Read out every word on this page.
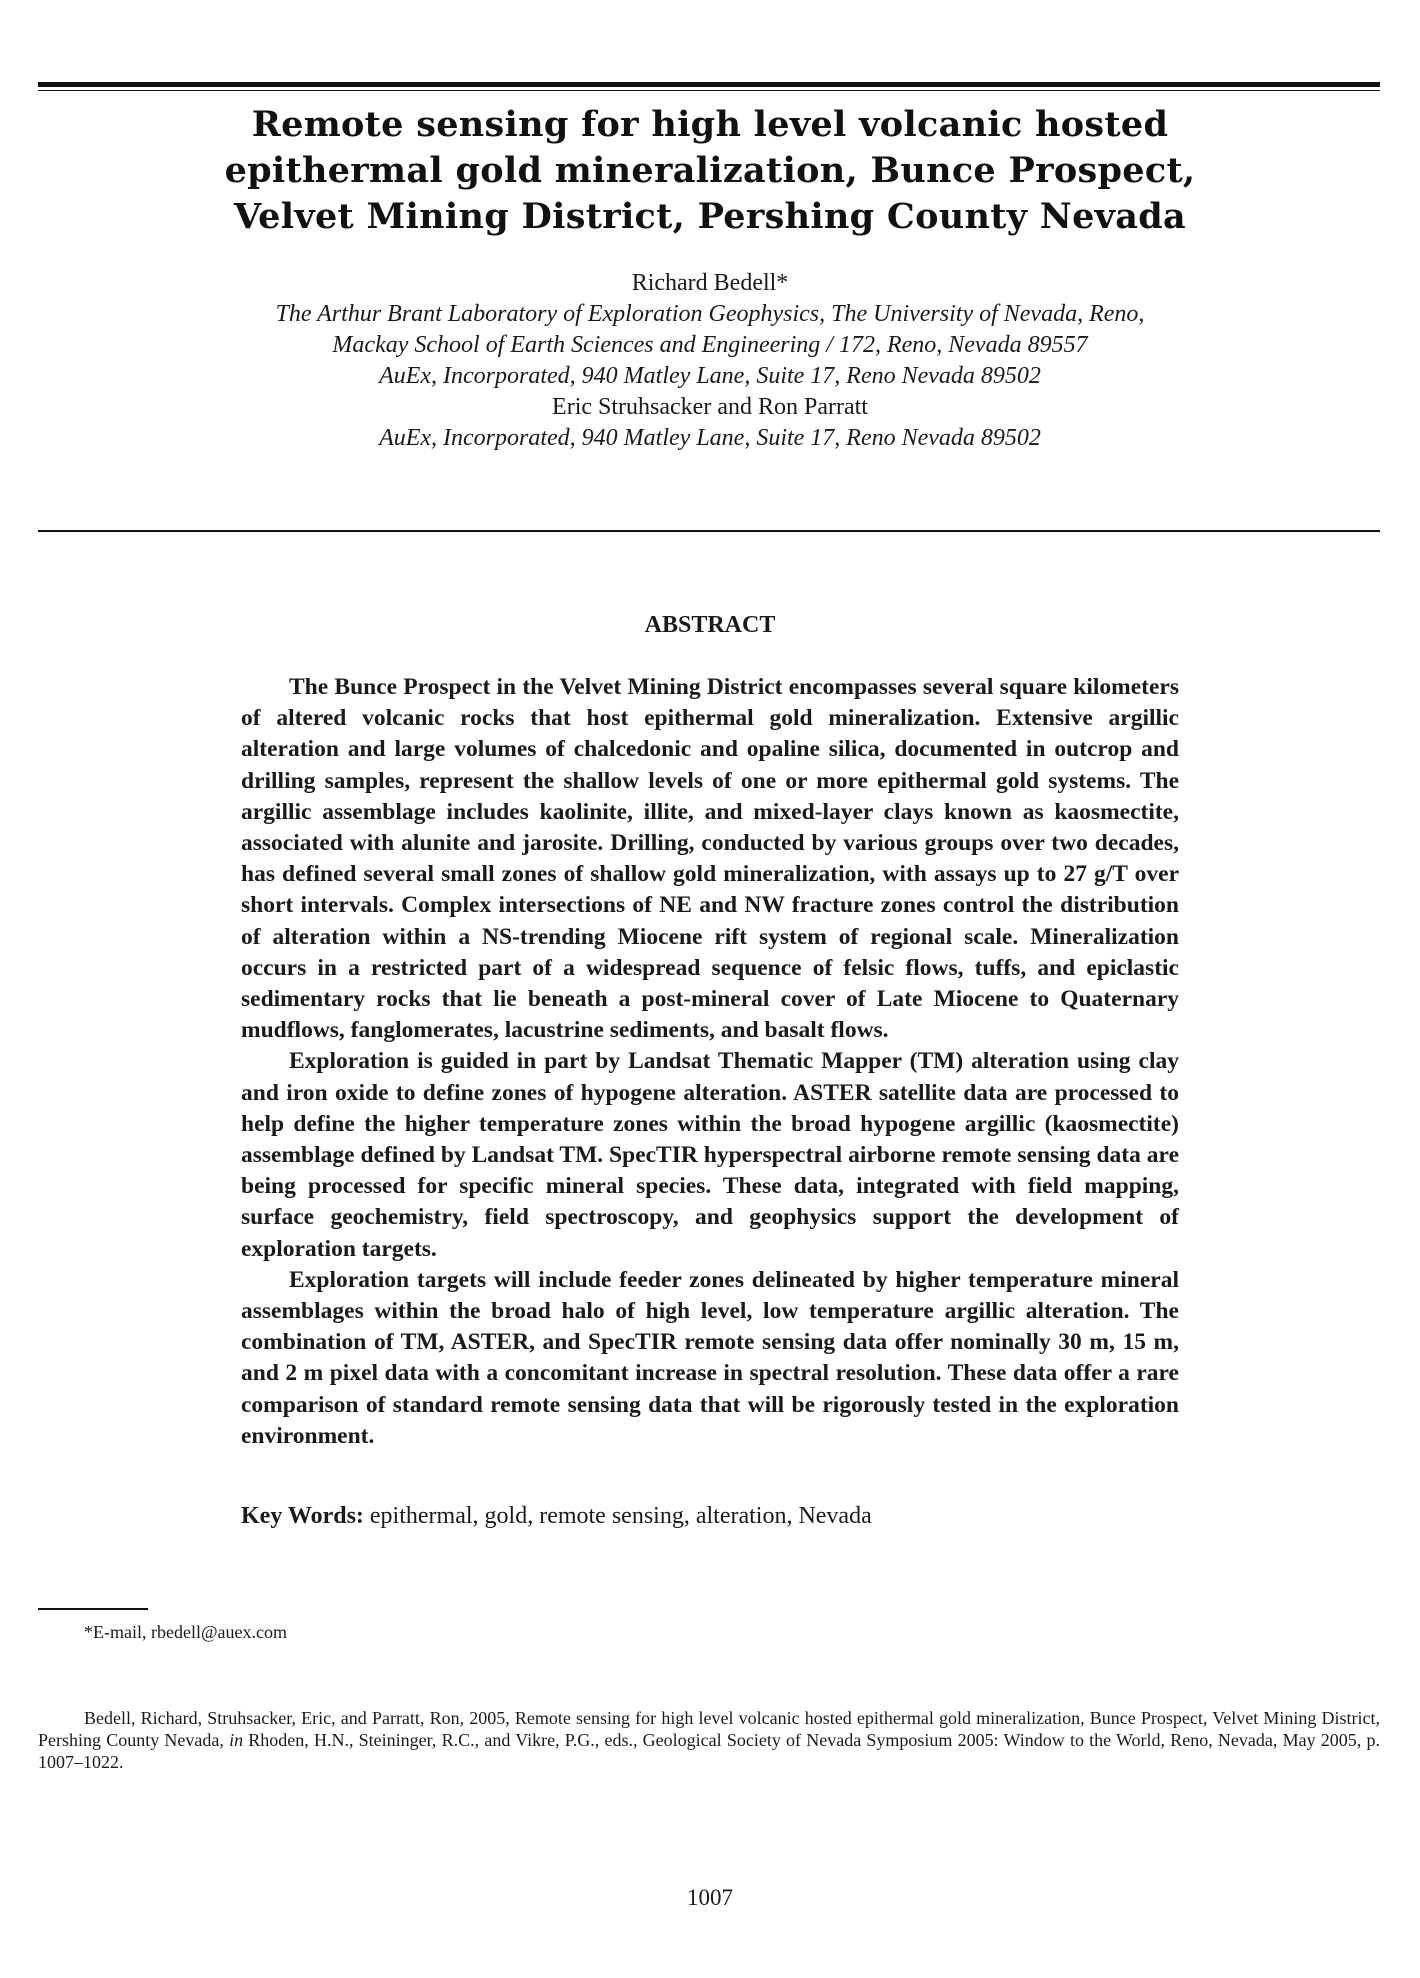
Remote sensing for high level volcanic hosted
epithermal gold mineralization, Bunce Prospect,
Velvet Mining District, Pershing County Nevada
Richard Bedell*
The Arthur Brant Laboratory of Exploration Geophysics, The University of Nevada, Reno,
Mackay School of Earth Sciences and Engineering / 172, Reno, Nevada 89557
AuEx, Incorporated, 940 Matley Lane, Suite 17, Reno Nevada 89502
Eric Struhsacker and Ron Parratt
AuEx, Incorporated, 940 Matley Lane, Suite 17, Reno Nevada 89502
ABSTRACT

The Bunce Prospect in the Velvet Mining District encompasses several square kilometers of altered volcanic rocks that host epithermal gold mineralization. Extensive argillic alteration and large volumes of chalcedonic and opaline silica, documented in outcrop and drilling samples, represent the shallow levels of one or more epithermal gold systems. The argillic assemblage includes kaolinite, illite, and mixed-layer clays known as kaosmectite, associated with alunite and jarosite. Drilling, conducted by various groups over two decades, has defined several small zones of shallow gold mineralization, with assays up to 27 g/T over short intervals. Complex intersections of NE and NW fracture zones control the distribution of alteration within a NS-trending Miocene rift system of regional scale. Mineralization occurs in a restricted part of a widespread sequence of felsic flows, tuffs, and epiclastic sedimentary rocks that lie beneath a post-mineral cover of Late Miocene to Quaternary mudflows, fanglomerates, lacustrine sediments, and basalt flows.

Exploration is guided in part by Landsat Thematic Mapper (TM) alteration using clay and iron oxide to define zones of hypogene alteration. ASTER satellite data are processed to help define the higher temperature zones within the broad hypogene argillic (kaosmectite) assemblage defined by Landsat TM. SpecTIR hyperspectral airborne remote sensing data are being processed for specific mineral species. These data, integrated with field mapping, surface geochemistry, field spectroscopy, and geophysics support the development of exploration targets.

Exploration targets will include feeder zones delineated by higher temperature mineral assemblages within the broad halo of high level, low temperature argillic alteration. The combination of TM, ASTER, and SpecTIR remote sensing data offer nominally 30 m, 15 m, and 2 m pixel data with a concomitant increase in spectral resolution. These data offer a rare comparison of standard remote sensing data that will be rigorously tested in the exploration environment.

Key Words: epithermal, gold, remote sensing, alteration, Nevada
*E-mail, rbedell@auex.com

Bedell, Richard, Struhsacker, Eric, and Parratt, Ron, 2005, Remote sensing for high level volcanic hosted epithermal gold mineralization, Bunce Prospect, Velvet Mining District, Pershing County Nevada, in Rhoden, H.N., Steininger, R.C., and Vikre, P.G., eds., Geological Society of Nevada Symposium 2005: Window to the World, Reno, Nevada, May 2005, p. 1007–1022.

1007
